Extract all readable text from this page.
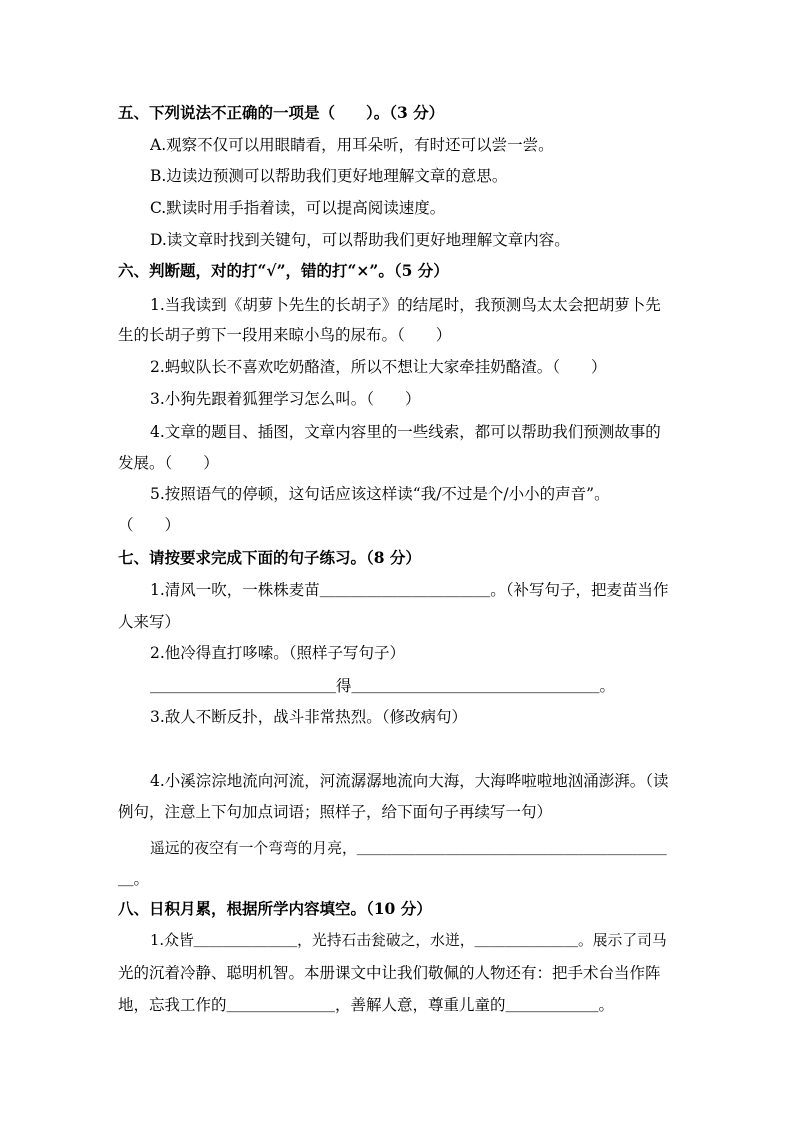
五、下列说法不正确的一项是（　　）。（3 分）
A.观察不仅可以用眼睛看，用耳朵听，有时还可以尝一尝。
B.边读边预测可以帮助我们更好地理解文章的意思。
C.默读时用手指着读，可以提高阅读速度。
D.读文章时找到关键句，可以帮助我们更好地理解文章内容。
六、判断题，对的打“√”，错的打“×”。（5 分）
1.当我读到《胡萝卜先生的长胡子》的结尾时，我预测鸟太太会把胡萝卜先
生的长胡子剪下一段用来晾小鸟的尿布。（　　）
2.蚂蚁队长不喜欢吃奶酪渣，所以不想让大家牵挂奶酪渣。（　　）
3.小狗先跟着狐狸学习怎么叫。（　　）
4.文章的题目、插图，文章内容里的一些线索，都可以帮助我们预测故事的
发展。（　　）
5.按照语气的停顿，这句话应该这样读“我/不过是个/小小的声音”。
（　　）
七、请按要求完成下面的句子练习。（8 分）
1.清风一吹，一株株麦苗＿＿＿＿＿＿＿＿＿＿＿。（补写句子，把麦苗当作
人来写）
2.他冷得直打哆嗦。（照样子写句子）
＿＿＿＿＿＿＿＿＿＿＿＿得＿＿＿＿＿＿＿＿＿＿＿＿＿＿＿＿。
3.敌人不断反扑，战斗非常热烈。（修改病句）
4.小溪淙淙地流向河流，河流潺潺地流向大海，大海哗啦啦地汹涌澎湃。（读
例句，注意上下句加点词语；照样子，给下面句子再续写一句）
遥远的夜空有一个弯弯的月亮，＿＿＿＿＿＿＿＿＿＿＿＿＿＿＿＿＿＿＿＿＿
＿。
八、日积月累，根据所学内容填空。（10 分）
1.众皆＿＿＿＿＿＿＿，光持石击瓮破之，水迸，＿＿＿＿＿＿＿。展示了司马
光的沉着冷静、聪明机智。本册课文中让我们敬佩的人物还有：把手术台当作阵
地，忘我工作的＿＿＿＿＿＿＿，善解人意，尊重儿童的＿＿＿＿＿＿。
